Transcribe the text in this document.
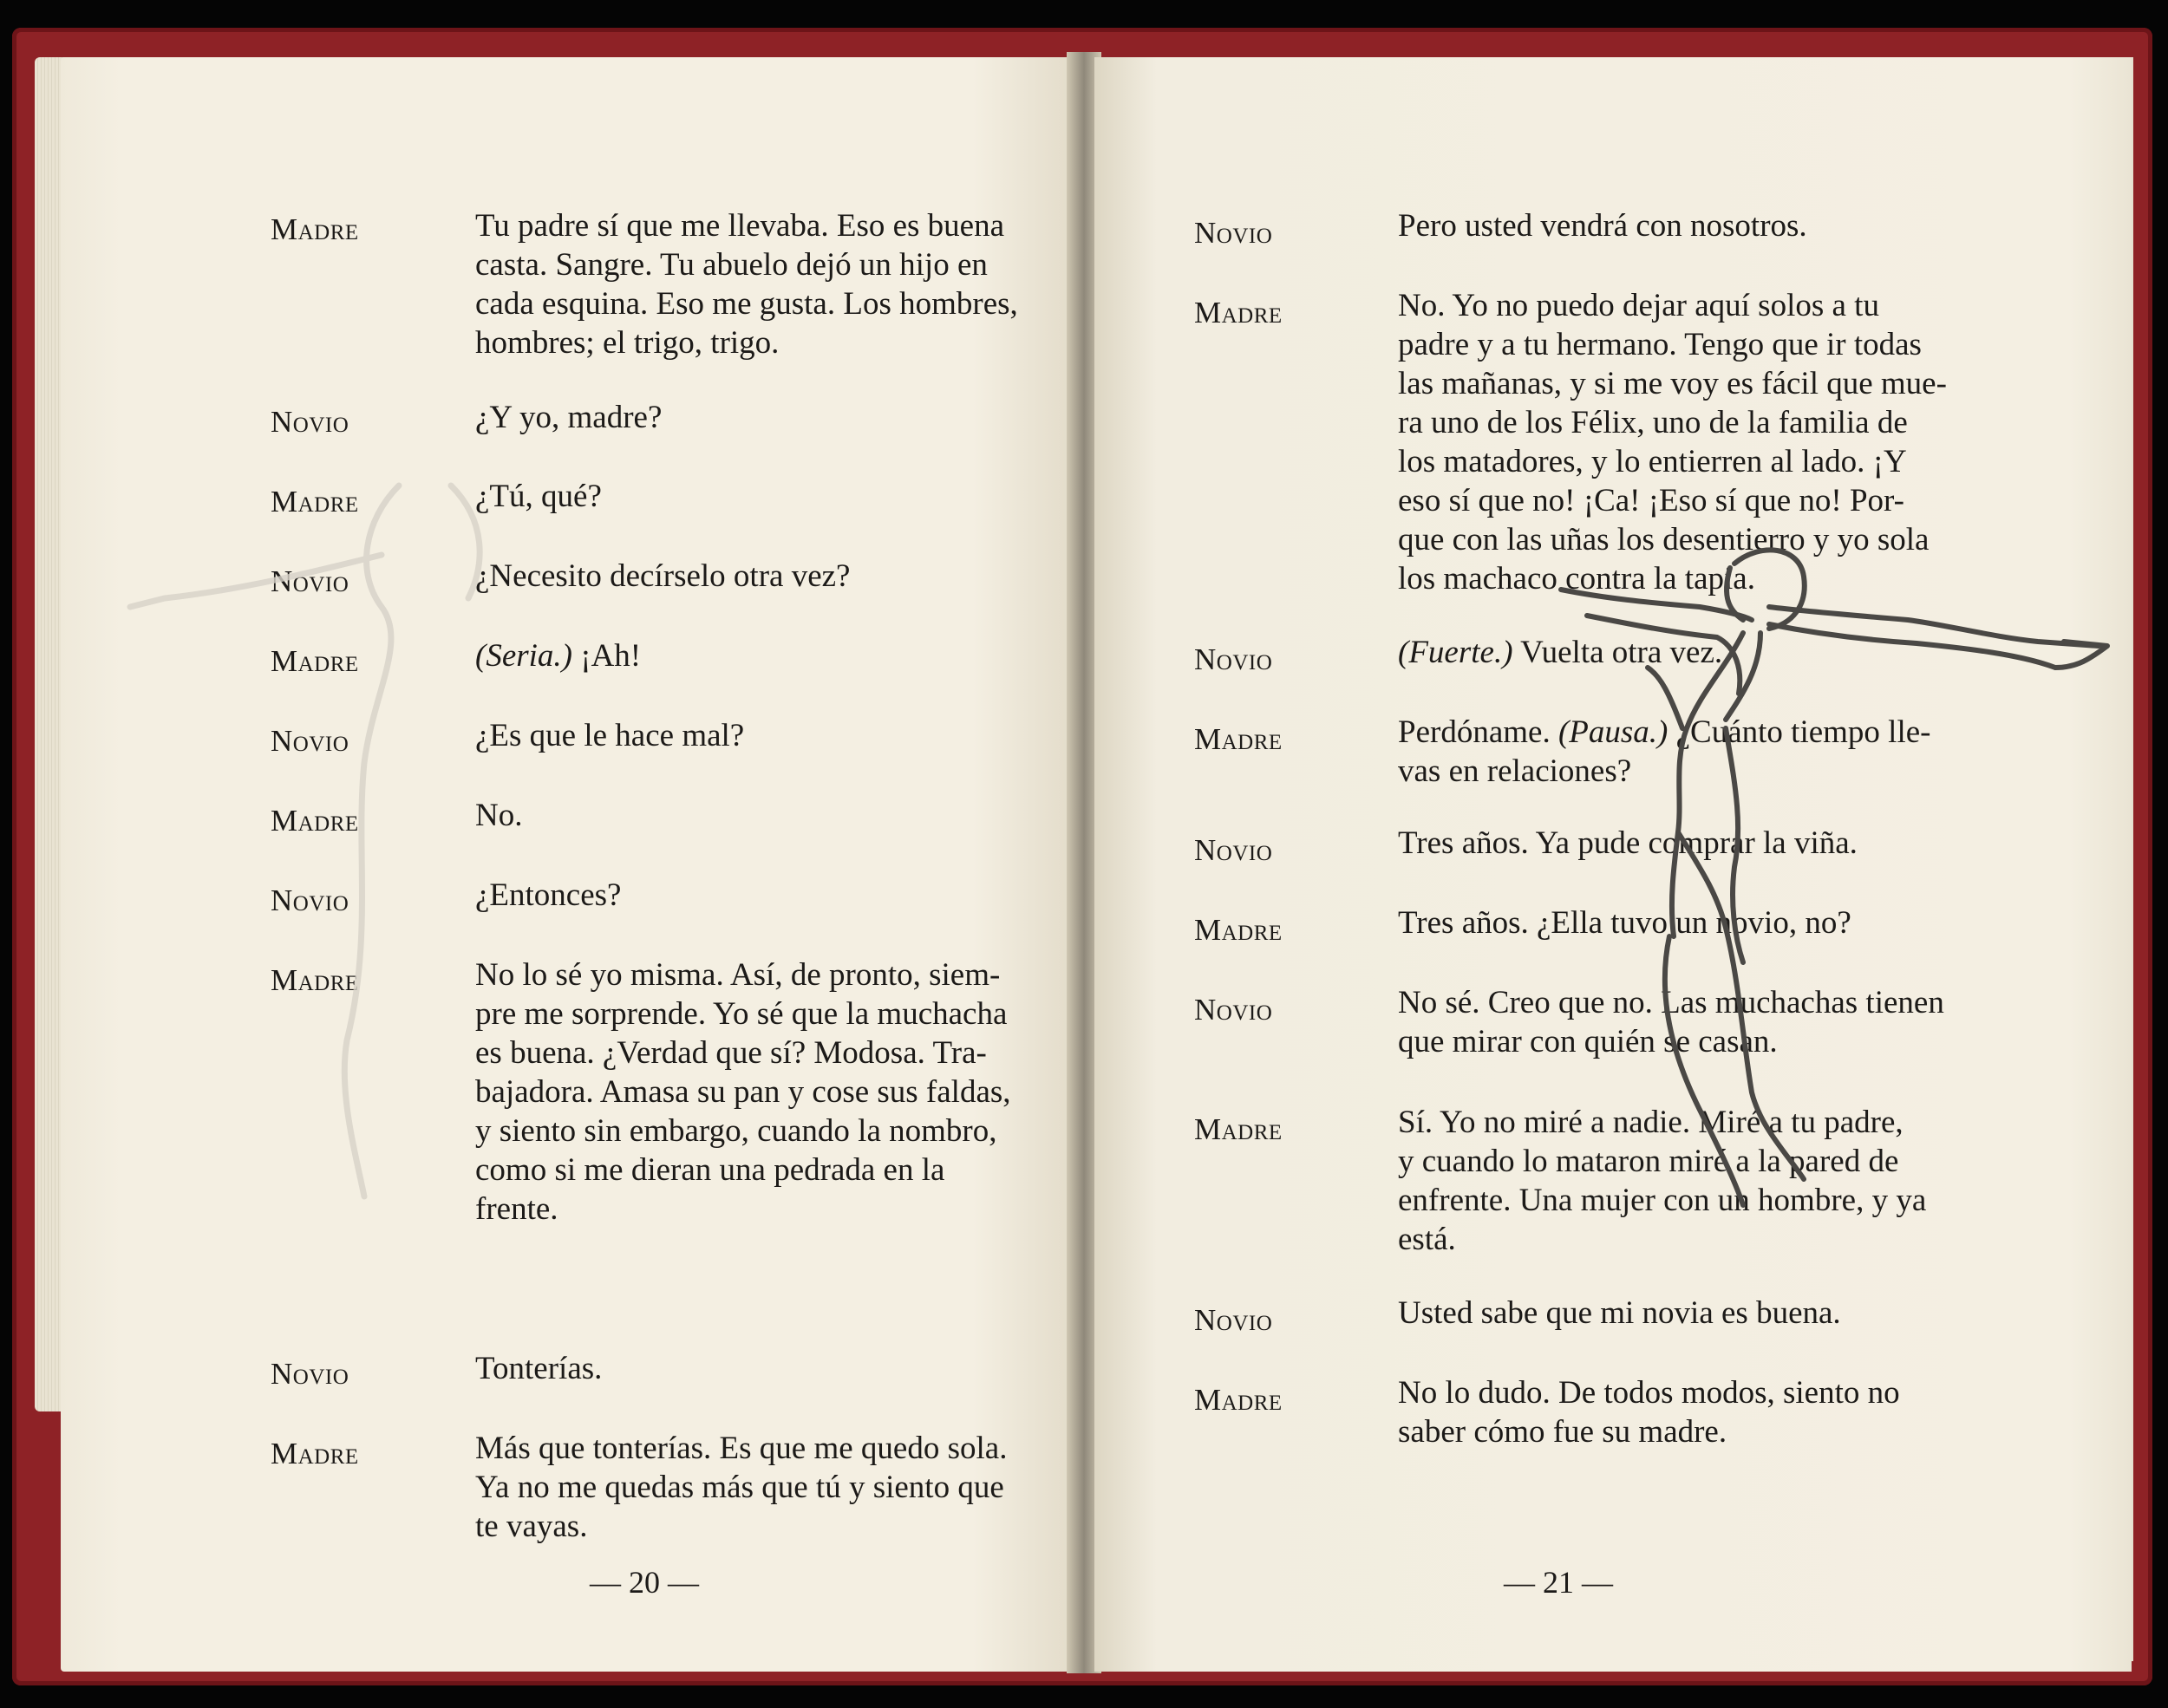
Madre	Tu padre sí que me llevaba. Eso es buena
casta. Sangre. Tu abuelo dejó un hijo en
cada esquina. Eso me gusta. Los hombres,
hombres; el trigo, trigo.
Novio	¿Y yo, madre?
Madre	¿Tú, qué?
Novio	¿Necesito decírselo otra vez?
Madre	(Seria.) ¡Ah!
Novio	¿Es que le hace mal?
Madre	No.
Novio	¿Entonces?
Madre	No lo sé yo misma. Así, de pronto, siem-
pre me sorprende. Yo sé que la muchacha
es buena. ¿Verdad que sí? Modosa. Tra-
bajadora. Amasa su pan y cose sus faldas,
y siento sin embargo, cuando la nombro,
como si me dieran una pedrada en la
frente.
Novio	Tonterías.
Madre	Más que tonterías. Es que me quedo sola.
Ya no me quedas más que tú y siento que
te vayas.
— 20 —
Novio	Pero usted vendrá con nosotros.
Madre	No. Yo no puedo dejar aquí solos a tu
padre y a tu hermano. Tengo que ir todas
las mañanas, y si me voy es fácil que mue-
ra uno de los Félix, uno de la familia de
los matadores, y lo entierren al lado. ¡Y
eso sí que no! ¡Ca! ¡Eso sí que no! Por-
que con las uñas los desentierro y yo sola
los machaco contra la tapia.
Novio	(Fuerte.) Vuelta otra vez.
Madre	Perdóname. (Pausa.) ¿Cuánto tiempo lle-
vas en relaciones?
Novio	Tres años. Ya pude comprar la viña.
Madre	Tres años. ¿Ella tuvo un novio, no?
Novio	No sé. Creo que no. Las muchachas tienen
que mirar con quién se casan.
Madre	Sí. Yo no miré a nadie. Miré a tu padre,
y cuando lo mataron miré a la pared de
enfrente. Una mujer con un hombre, y ya
está.
Novio	Usted sabe que mi novia es buena.
Madre	No lo dudo. De todos modos, siento no
saber cómo fue su madre.
— 21 —
